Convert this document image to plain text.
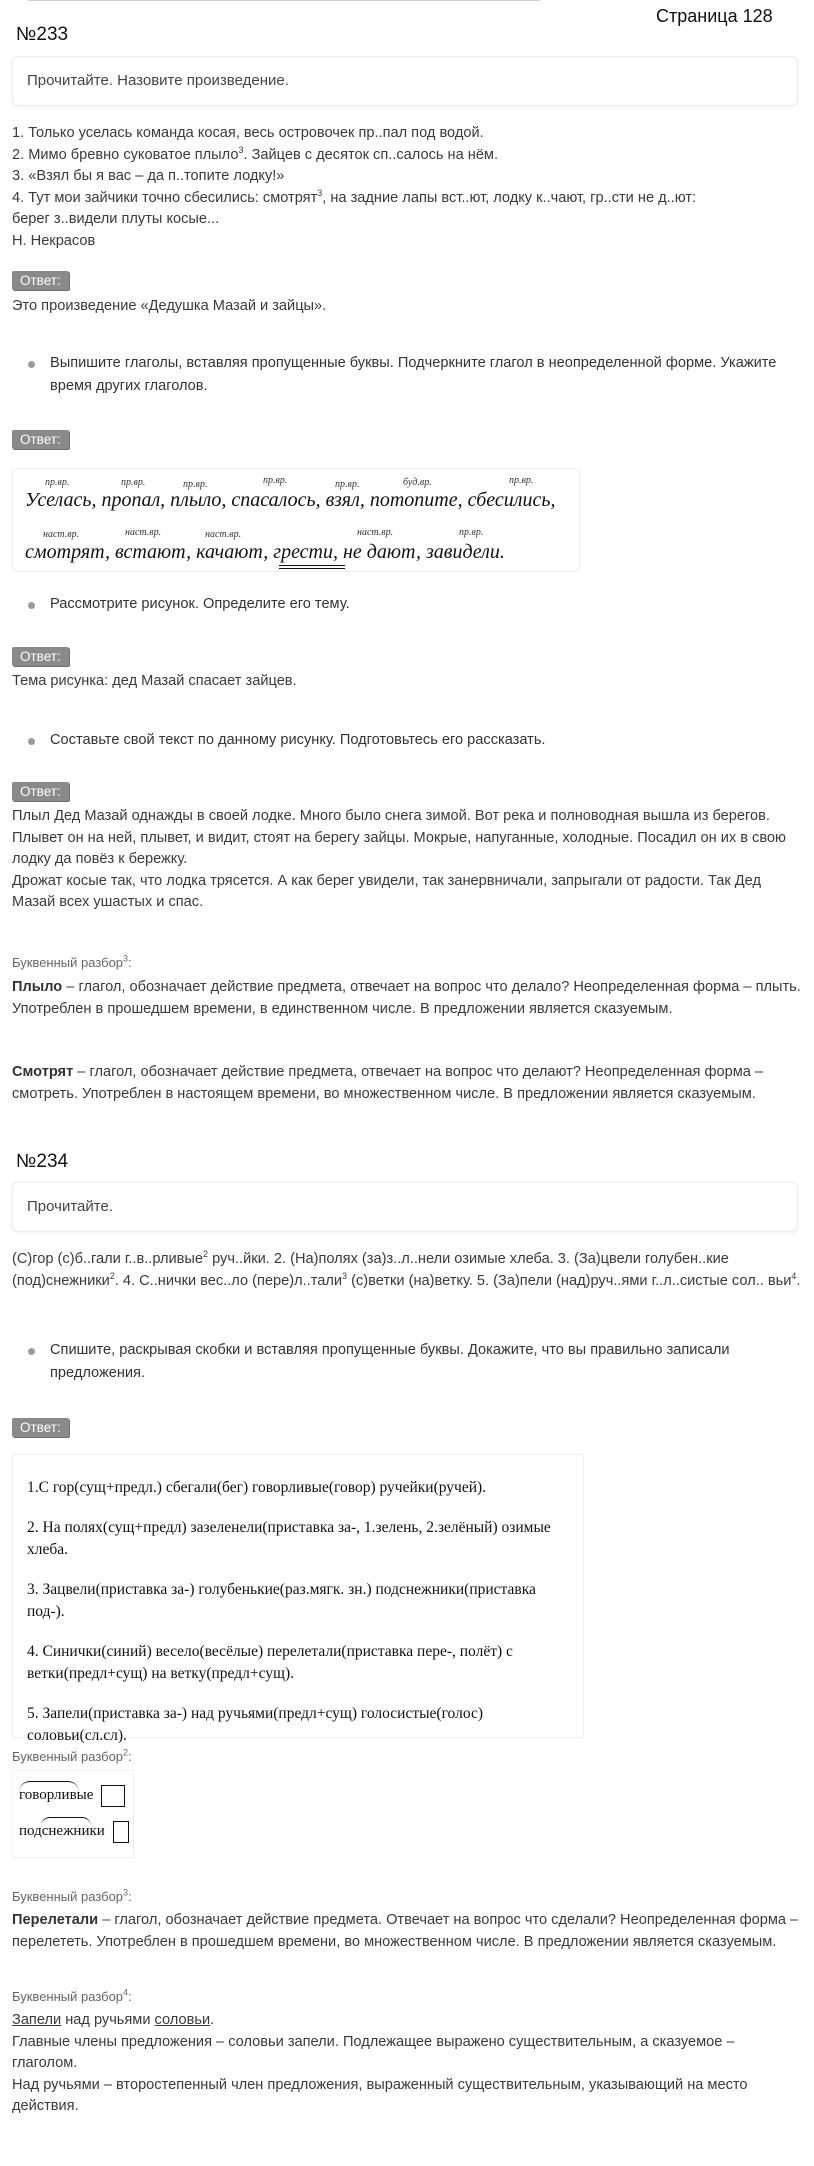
Страница 128
№233
Прочитайте. Назовите произведение.

1. Только уселась команда косая, весь островочек пр..пал под водой.

2. Мимо бревно суковатое плыло$^3$. Зайцев с десяток сп..салось на нём.

3. «Взял бы я вас – да п..топите лодку!»

4. Тут мои зайчики точно сбесились: смотрят$^3$, на задние лапы вст..ют, лодку к..чают, гр..сти не д..ют:

берег з..видели плуты косые...

Н. Некрасов

Ответ:
Это произведение «Дедушка Мазай и зайцы».
Выпишите глаголы, вставляя пропущенные буквы. Подчеркните глагол в неопределенной форме. Укажите время других глаголов.
Ответ:
пр.вр.	пр.вр.	пр.вр.	пр.вр.	пр.вр.	буд.вр.	пр.вр.
Уселась, пропал, плыло, спасалось, взял, потопите, сбесились,
наст.вр.	наст.вр.	наст.вр.	наст.вр.	пр.вр.
смотрят, встают, качают, грести, не дают, завидели.
Рассмотрите рисунок. Определите его тему.
Ответ:
Тема рисунка: дед Мазай спасает зайцев.
Составьте свой текст по данному рисунку. Подготовьтесь его рассказать.
Ответ:

Плыл Дед Мазай однажды в своей лодке. Много было снега зимой. Вот река и полноводная вышла из берегов.

Плывет он на ней, плывет, и видит, стоят на берегу зайцы. Мокрые, напуганные, холодные. Посадил он их в свою лодку да повёз к бережку.

Дрожат косые так, что лодка трясется. А как берег увидели, так занервничали, запрыгали от радости. Так Дед Мазай всех ушастых и спас.

Буквенный разбор$^3$:
Плыло – глагол, обозначает действие предмета, отвечает на вопрос что делало? Неопределенная форма – плыть. Употреблен в прошедшем времени, в единственном числе. В предложении является сказуемым.
Смотрят – глагол, обозначает действие предмета, отвечает на вопрос что делают? Неопределенная форма – смотреть. Употреблен в настоящем времени, во множественном числе. В предложении является сказуемым.
№234
Прочитайте.
(С)гор (с)б..гали г..в..рливые$^2$ руч..йки. 2. (На)полях (за)з..л..нели озимые хлеба. 3. (За)цвели голубен..кие (под)снежники$^2$. 4. С..нички вес..ло (пере)л..тали$^3$ (с)ветки (на)ветку. 5. (За)пели (над)руч..ями г..л..систые сол.. вьи$^4$.
Спишите, раскрывая скобки и вставляя пропущенные буквы. Докажите, что вы правильно записали предложения.
Ответ:

1.С гор(сущ+предл.) сбегали(бег) говорливые(говор) ручейки(ручей).

2. На полях(сущ+предл) зазеленели(приставка за-, 1.зелень, 2.зелёный) озимые хлеба.

3. Зацвели(приставка за-) голубенькие(раз.мягк. зн.) подснежники(приставка под-).

4. Синички(синий) весело(весёлые) перелетали(приставка пере-, полёт) с ветки(предл+сущ) на ветку(предл+сущ).

5. Запели(приставка за-) над ручьями(предл+сущ) голосистые(голос) соловьи(сл.сл).

Буквенный разбор$^2$:
говорливые
подснежники
Буквенный разбор$^3$:
Перелетали – глагол, обозначает действие предмета. Отвечает на вопрос что сделали? Неопределенная форма – перелететь. Употреблен в прошедшем времени, во множественном числе. В предложении является сказуемым.
Буквенный разбор$^4$:

Запели над ручьями соловьи.

Главные члены предложения – соловьи запели. Подлежащее выражено существительным, а сказуемое – глаголом.

Над ручьями – второстепенный член предложения, выраженный существительным, указывающий на место действия.
